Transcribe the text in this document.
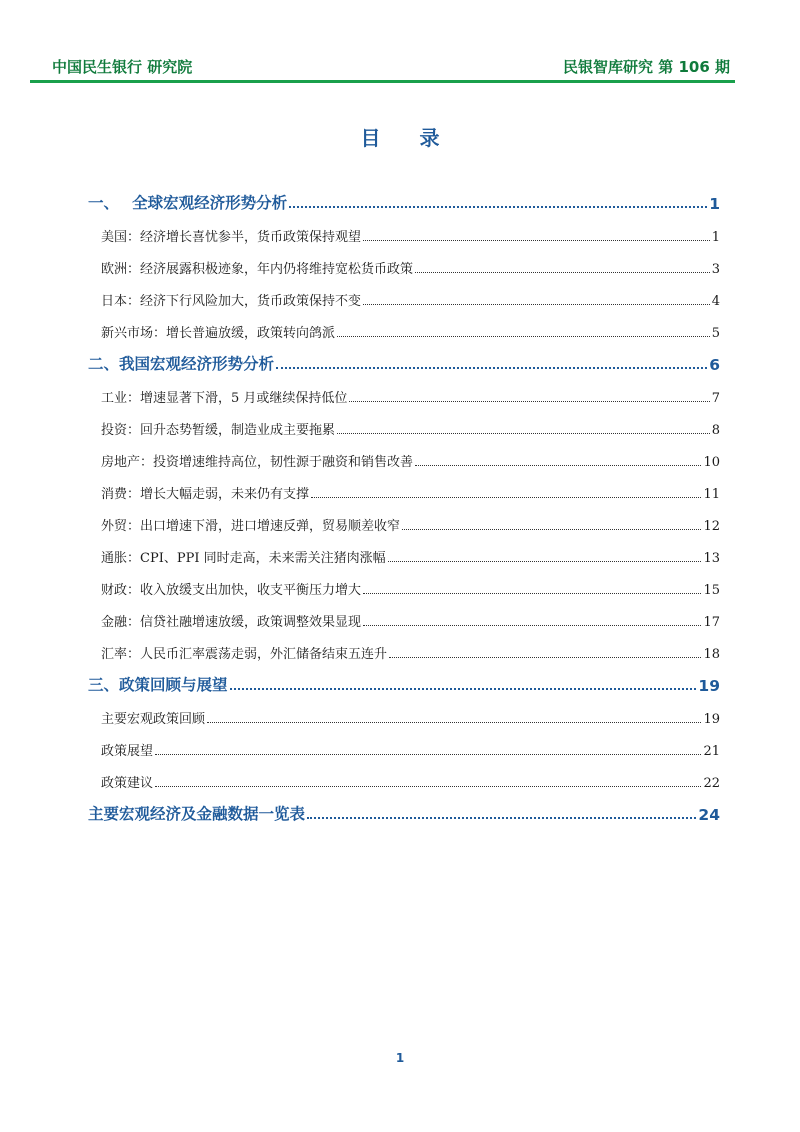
中国民生银行 研究院	民银智库研究 第 106 期
目 录
一、　 全球宏观经济形势分析	1
美国：经济增长喜忧参半，货币政策保持观望	1
欧洲：经济展露积极迹象，年内仍将维持宽松货币政策	3
日本：经济下行风险加大，货币政策保持不变	4
新兴市场：增长普遍放缓，政策转向鸽派	5
二、我国宏观经济形势分析	6
工业：增速显著下滑，5 月或继续保持低位	7
投资：回升态势暂缓，制造业成主要拖累	8
房地产：投资增速维持高位，韧性源于融资和销售改善	10
消费：增长大幅走弱，未来仍有支撑	11
外贸：出口增速下滑，进口增速反弹，贸易顺差收窄	12
通胀：CPI、PPI 同时走高，未来需关注猪肉涨幅	13
财政：收入放缓支出加快，收支平衡压力增大	15
金融：信贷社融增速放缓，政策调整效果显现	17
汇率：人民币汇率震荡走弱，外汇储备结束五连升	18
三、政策回顾与展望	19
主要宏观政策回顾	19
政策展望	21
政策建议	22
主要宏观经济及金融数据一览表	24
1
